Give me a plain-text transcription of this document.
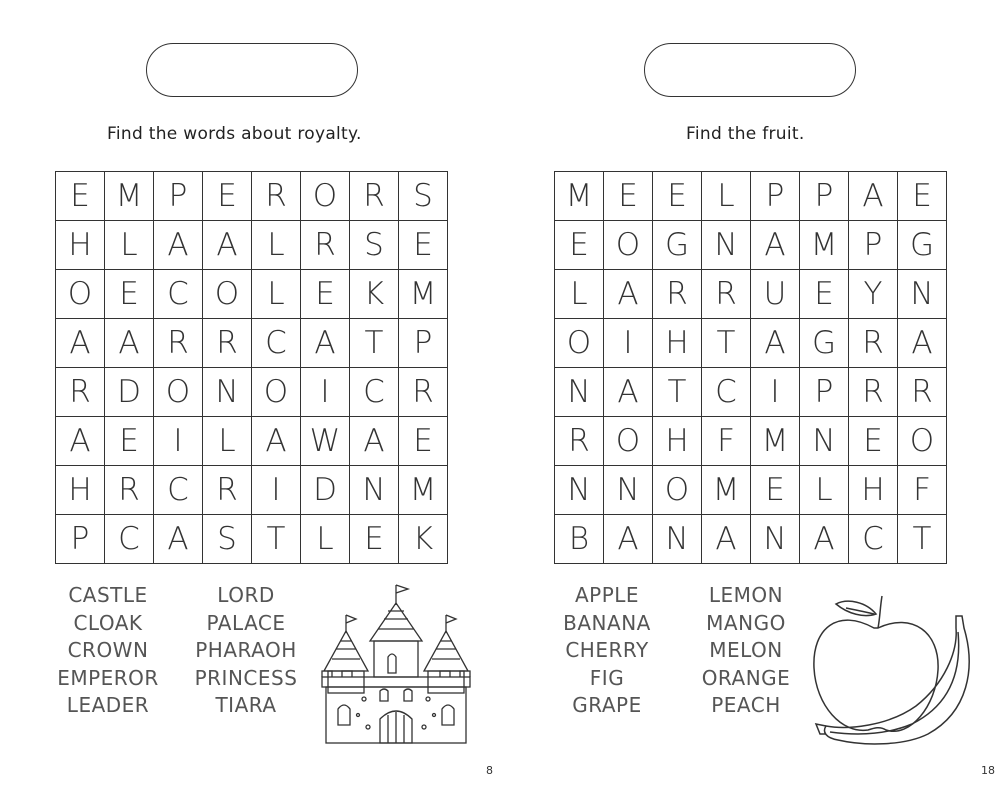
Find the words about royalty.
E M P E R O R S
H L A A L R S E
O E C O L E K M
A A R R C A T P
R D O N O	I	C R
A E	I	L A W A E
H R C R	I	D N M
P C A S T L E K
CASTLE
CLOAK
CROWN
EMPEROR
LEADER
LORD
PALACE
PHARAOH
PRINCESS
TIARA
8
Find the fruit.
M E E L	P P A E
E O G N A M P G
L A R R U E Y N
O	I	H T A G R A
N A T C	I	P R R
R O H F M N E O
N N O M E L H F
B A N A N A C T
APPLE
BANANA
CHERRY
FIG
GRAPE
LEMON
MANGO
MELON
ORANGE
PEACH
18
